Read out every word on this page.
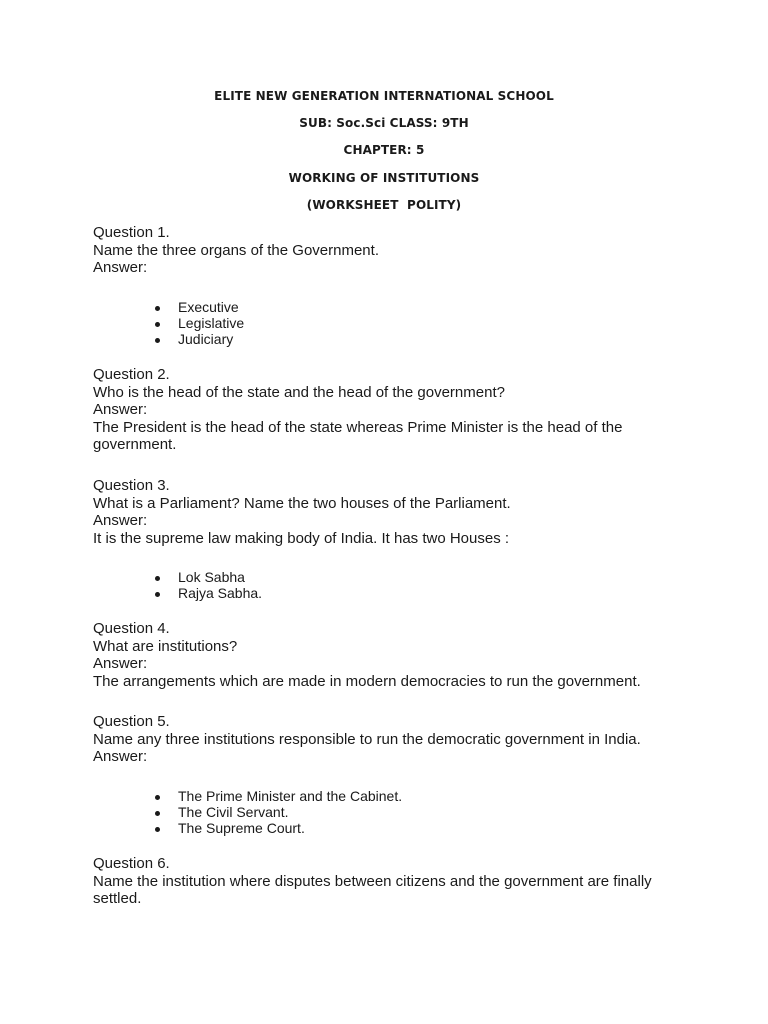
ELITE NEW GENERATION INTERNATIONAL SCHOOL
SUB: Soc.Sci CLASS: 9TH
CHAPTER: 5
WORKING OF INSTITUTIONS
(WORKSHEET  POLITY)

Question 1.

Name the three organs of the Government.

Answer:

Executive
Legislative
Judiciary

Question 2.

Who is the head of the state and the head of the government?

Answer:

The President is the head of the state whereas Prime Minister is the head of the government.

Question 3.

What is a Parliament? Name the two houses of the Parliament.

Answer:

It is the supreme law making body of India. It has two Houses :

Lok Sabha
Rajya Sabha.

Question 4.

What are institutions?

Answer:

The arrangements which are made in modern democracies to run the government.

Question 5.

Name any three institutions responsible to run the democratic government in India.

Answer:

The Prime Minister and the Cabinet.
The Civil Servant.
The Supreme Court.

Question 6.

Name the institution where disputes between citizens and the government are finally settled.
